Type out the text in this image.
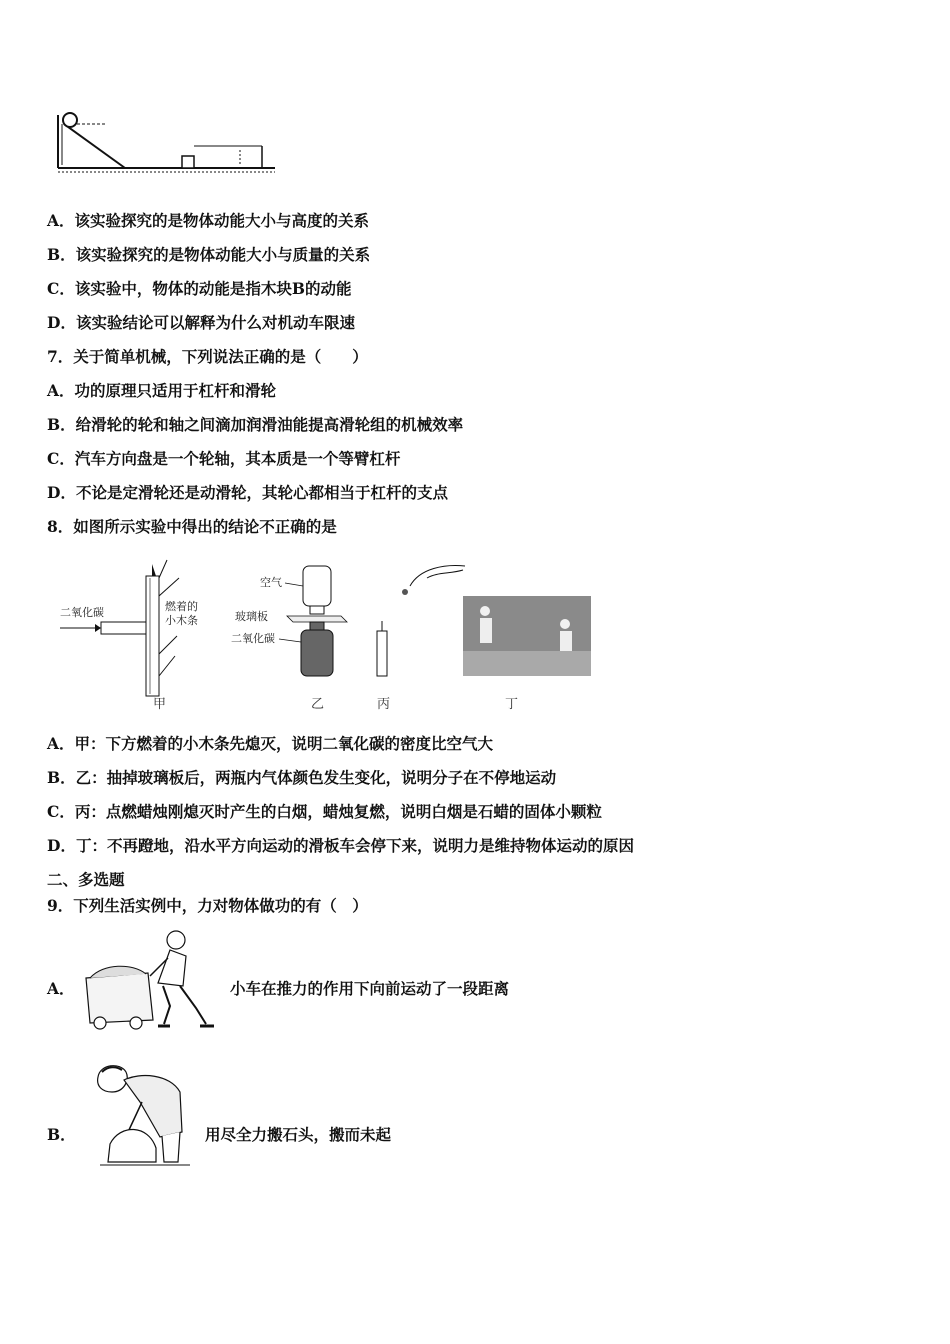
A．该实验探究的是物体动能大小与高度的关系
B．该实验探究的是物体动能大小与质量的关系
C．该实验中，物体的动能是指木块B的动能
D．该实验结论可以解释为什么对机动车限速
7．关于简单机械，下列说法正确的是（　　）
A．功的原理只适用于杠杆和滑轮
B．给滑轮的轮和轴之间滴加润滑油能提高滑轮组的机械效率
C．汽车方向盘是一个轮轴，其本质是一个等臂杠杆
D．不论是定滑轮还是动滑轮，其轮心都相当于杠杆的支点
8．如图所示实验中得出的结论不正确的是
二氧化碳	燃着的
小木条
甲
空气
玻璃板
二氧化碳
乙	丙	丁
A．甲：下方燃着的小木条先熄灭，说明二氧化碳的密度比空气大
B．乙：抽掉玻璃板后，两瓶内气体颜色发生变化，说明分子在不停地运动
C．丙：点燃蜡烛刚熄灭时产生的白烟，蜡烛复燃，说明白烟是石蜡的固体小颗粒
D．丁：不再蹬地，沿水平方向运动的滑板车会停下来，说明力是维持物体运动的原因
二、多选题
9．下列生活实例中，力对物体做功的有（　）
A．	小车在推力的作用下向前运动了一段距离
B．	用尽全力搬石头，搬而未起
